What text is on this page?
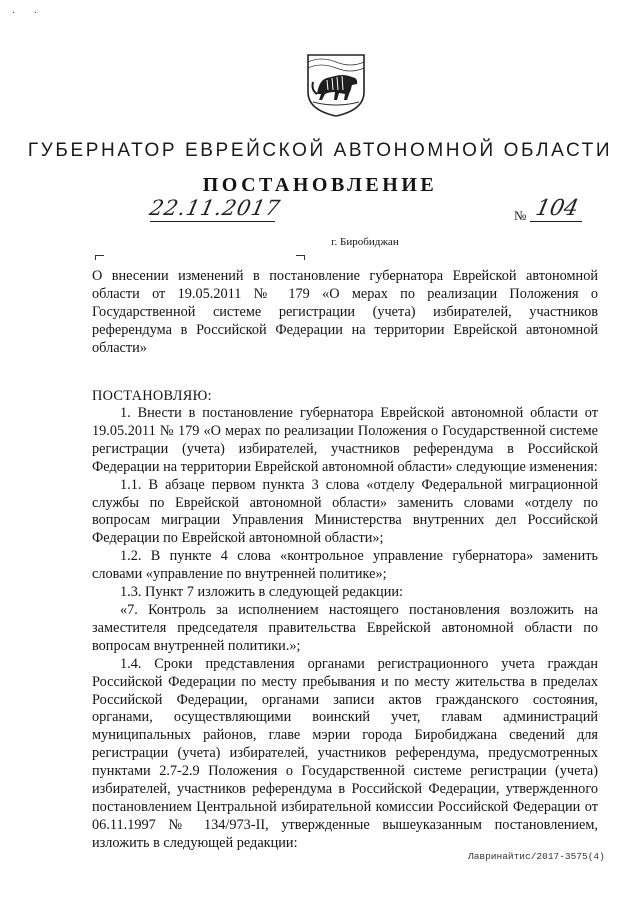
· ·
ГУБЕРНАТОР ЕВРЕЙСКОЙ АВТОНОМНОЙ ОБЛАСТИ
ПОСТАНОВЛЕНИЕ
22.11.2017	№ 104
г. Биробиджан
О внесении изменений в постановление губернатора Еврейской автономной области от 19.05.2011 № 179 «О мерах по реализации Положения о Государственной системе регистрации (учета) избирателей, участников референдума в Российской Федерации на территории Еврейской автономной области»
ПОСТАНОВЛЯЮ:

1. Внести в постановление губернатора Еврейской автономной области от 19.05.2011 № 179 «О мерах по реализации Положения о Государственной системе регистрации (учета) избирателей, участников референдума в Российской Федерации на территории Еврейской автономной области» следующие изменения:

1.1. В абзаце первом пункта 3 слова «отделу Федеральной миграционной службы по Еврейской автономной области» заменить словами «отделу по вопросам миграции Управления Министерства внутренних дел Российской Федерации по Еврейской автономной области»;

1.2. В пункте 4 слова «контрольное управление губернатора» заменить словами «управление по внутренней политике»;

1.3. Пункт 7 изложить в следующей редакции:

«7. Контроль за исполнением настоящего постановления возложить на заместителя председателя правительства Еврейской автономной области по вопросам внутренней политики.»;

1.4. Сроки представления органами регистрационного учета граждан Российской Федерации по месту пребывания и по месту жительства в пределах Российской Федерации, органами записи актов гражданского состояния, органами, осуществляющими воинский учет, главам администраций муниципальных районов, главе мэрии города Биробиджана сведений для регистрации (учета) избирателей, участников референдума, предусмотренных пунктами 2.7-2.9 Положения о Государственной системе регистрации (учета) избирателей, участников референдума в Российской Федерации, утвержденного постановлением Центральной избирательной комиссии Российской Федерации от 06.11.1997 № 134/973-II, утвержденные вышеуказанным постановлением, изложить в следующей редакции:

Лавринайтис/2017-3575(4)
